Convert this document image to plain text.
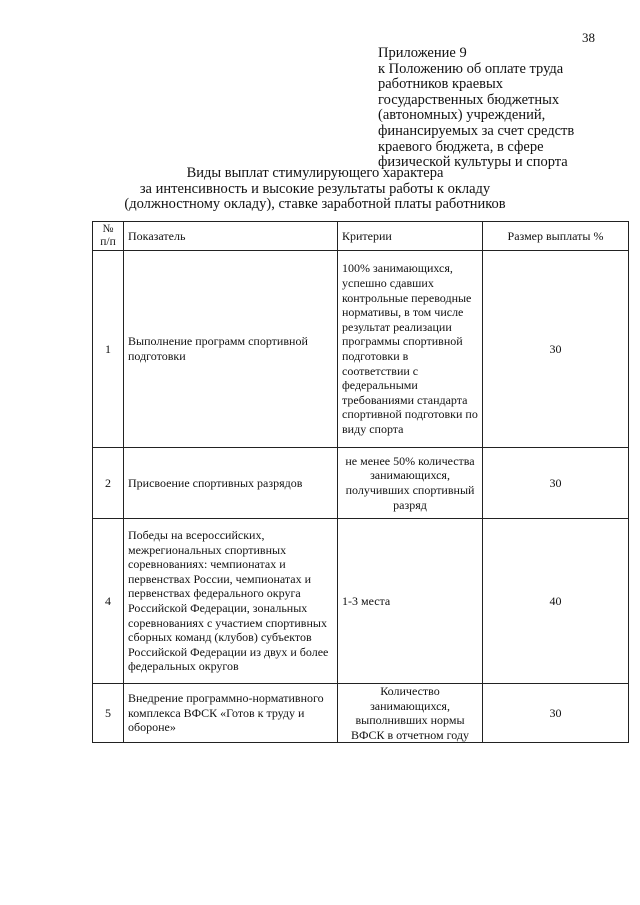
38
Приложение 9
к Положению об оплате труда
работников краевых
государственных бюджетных
(автономных) учреждений,
финансируемых за счет средств
краевого бюджета, в сфере
физической культуры и спорта
Виды выплат стимулирующего характера
за интенсивность и высокие результаты работы к окладу
(должностному окладу), ставке заработной платы работников
№ п/п	Показатель	Критерии	Размер выплаты %
1	Выполнение программ спортивной подготовки	100% занимающихся, успешно сдавших контрольные переводные нормативы, в том числе результат реализации программы спортивной подготовки в соответствии с федеральными требованиями стандарта спортивной подготовки по виду спорта	30
2	Присвоение спортивных разрядов	не менее 50% количества занимающихся, получивших спортивный разряд	30
4	Победы на всероссийских, межрегиональных спортивных соревнованиях: чемпионатах и первенствах России, чемпионатах и первенствах федерального округа Российской Федерации, зональных соревнованиях с участием спортивных сборных команд (клубов) субъектов Российской Федерации из двух и более федеральных округов	1-3 места	40
5	Внедрение программно-нормативного комплекса ВФСК «Готов к труду и обороне»	Количество занимающихся, выполнивших нормы ВФСК в отчетном году	30
